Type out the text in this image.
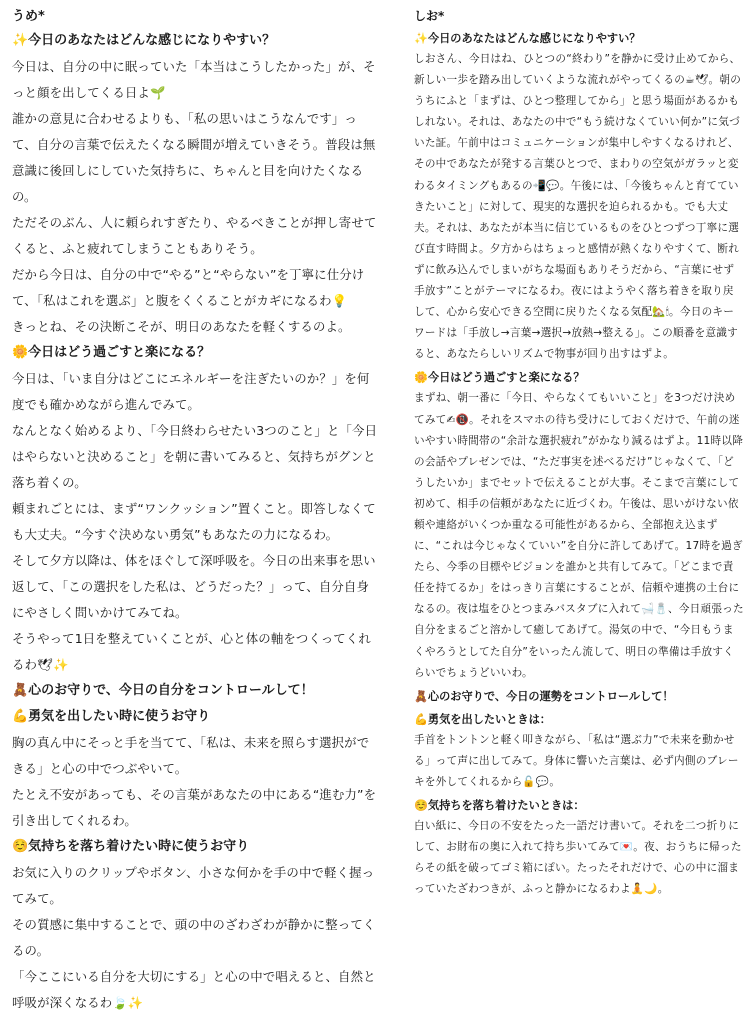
うめ*
✨今日のあなたはどんな感じになりやすい？

今日は、自分の中に眠っていた「本当はこうしたかった」が、そっと顔を出してくる日よ🌱

誰かの意見に合わせるよりも、「私の思いはこうなんです」って、自分の言葉で伝えたくなる瞬間が増えていきそう。普段は無意識に後回しにしていた気持ちに、ちゃんと目を向けたくなるの。

ただそのぶん、人に頼られすぎたり、やるべきことが押し寄せてくると、ふと疲れてしまうこともありそう。

だから今日は、自分の中で“やる”と“やらない”を丁寧に仕分けて、「私はこれを選ぶ」と腹をくくることがカギになるわ💡

きっとね、その決断こそが、明日のあなたを軽くするのよ。

🌼今日はどう過ごすと楽になる？

今日は、「いま自分はどこにエネルギーを注ぎたいのか？」を何度でも確かめながら進んでみて。

なんとなく始めるより、「今日終わらせたい3つのこと」と「今日はやらないと決めること」を朝に書いてみると、気持ちがグンと落ち着くの。

頼まれごとには、まず“ワンクッション”置くこと。即答しなくても大丈夫。“今すぐ決めない勇気”もあなたの力になるわ。

そして夕方以降は、体をほぐして深呼吸を。今日の出来事を思い返して、「この選択をした私は、どうだった？」って、自分自身にやさしく問いかけてみてね。

そうやって1日を整えていくことが、心と体の軸をつくってくれるわ🕊✨

🧸心のお守りで、今日の自分をコントロールして！
💪勇気を出したい時に使うお守り

胸の真ん中にそっと手を当てて、「私は、未来を照らす選択ができる」と心の中でつぶやいて。

たとえ不安があっても、その言葉があなたの中にある“進む力”を引き出してくれるわ。

☺️気持ちを落ち着けたい時に使うお守り

お気に入りのクリップやボタン、小さな何かを手の中で軽く握ってみて。

その質感に集中することで、頭の中のざわざわが静かに整ってくるの。

「今ここにいる自分を大切にする」と心の中で唱えると、自然と呼吸が深くなるわ🍃✨

しお*
✨今日のあなたはどんな感じになりやすい？

しおさん、今日はね、ひとつの“終わり”を静かに受け止めてから、新しい一歩を踏み出していくような流れがやってくるの☕🕊。朝のうちにふと「まずは、ひとつ整理してから」と思う場面があるかもしれない。それは、あなたの中で“もう続けなくていい何か”に気づいた証。午前中はコミュニケーションが集中しやすくなるけれど、その中であなたが発する言葉ひとつで、まわりの空気がガラッと変わるタイミングもあるの📲💬。午後には、「今後ちゃんと育てていきたいこと」に対して、現実的な選択を迫られるかも。でも大丈夫。それは、あなたが本当に信じているものをひとつずつ丁寧に選び直す時間よ。夕方からはちょっと感情が熱くなりやすくて、断れずに飲み込んでしまいがちな場面もありそうだから、“言葉にせず手放す”ことがテーマになるわ。夜にはようやく落ち着きを取り戻して、心から安心できる空間に戻りたくなる気配🏡🕯。今日のキーワードは「手放し→言葉→選択→放熱→整える」。この順番を意識すると、あなたらしいリズムで物事が回り出すはずよ。

🌼今日はどう過ごすと楽になる？

まずね、朝一番に「今日、やらなくてもいいこと」を3つだけ決めてみて✍📵。それをスマホの待ち受けにしておくだけで、午前の迷いやすい時間帯の“余計な選択疲れ”がかなり減るはずよ。11時以降の会話やプレゼンでは、“ただ事実を述べるだけ”じゃなくて、「どうしたいか」までセットで伝えることが大事。そこまで言葉にして初めて、相手の信頼があなたに近づくわ。午後は、思いがけない依頼や連絡がいくつか重なる可能性があるから、全部抱え込まずに、“これは今じゃなくていい”を自分に許してあげて。17時を過ぎたら、今季の目標やビジョンを誰かと共有してみて。「どこまで責任を持てるか」をはっきり言葉にすることが、信頼や連携の土台になるの。夜は塩をひとつまみバスタブに入れて🛁🧂、今日頑張った自分をまるごと溶かして癒してあげて。湯気の中で、“今日もうまくやろうとしてた自分”をいったん流して、明日の準備は手放すくらいでちょうどいいわ。

🧸心のお守りで、今日の運勢をコントロールして！
💪勇気を出したいときは：

手首をトントンと軽く叩きながら、「私は“選ぶ力”で未来を動かせる」って声に出してみて。身体に響いた言葉は、必ず内側のブレーキを外してくれるから🔓💬。

☺️気持ちを落ち着けたいときは：

白い紙に、今日の不安をたった一語だけ書いて。それを二つ折りにして、お財布の奥に入れて持ち歩いてみて💌。夜、おうちに帰ったらその紙を破ってゴミ箱にぽい。たったそれだけで、心の中に溜まっていたざわつきが、ふっと静かになるわよ🧘🌙。
